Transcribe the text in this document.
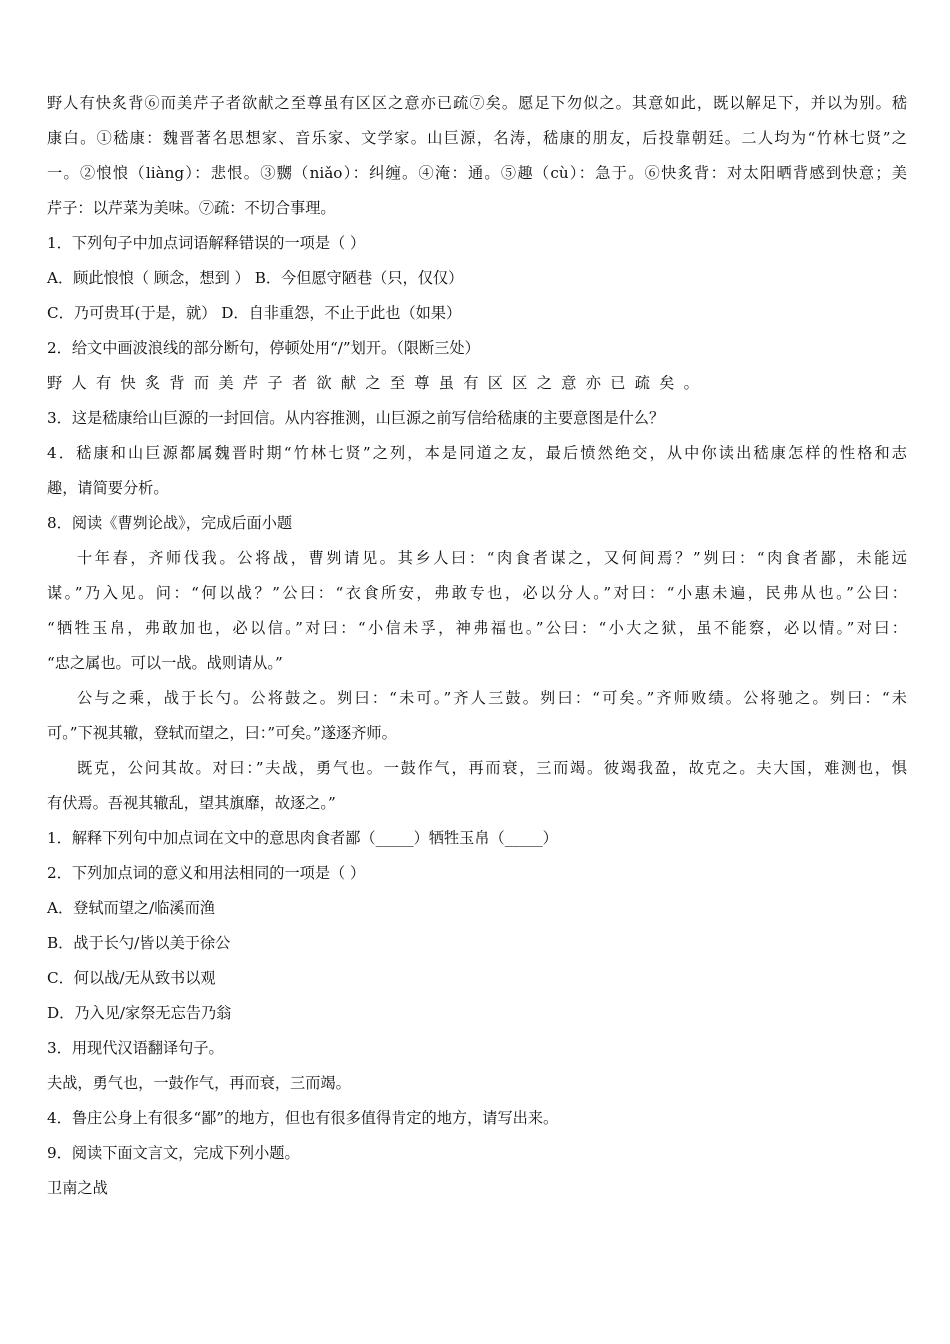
野人有快炙背⑥而美芹子者欲献之至尊虽有区区之意亦已疏⑦矣。愿足下勿似之。其意如此，既以解足下，并以为别。嵇
康白。①嵇康：魏晋著名思想家、音乐家、文学家。山巨源，名涛，嵇康的朋友，后投靠朝廷。二人均为“竹林七贤”之
一。②悢悢（liàng）：悲恨。③嬲（niǎo）：纠缠。④淹：通。⑤趣（cù）：急于。⑥快炙背：对太阳晒背感到快意；美
芹子：以芹菜为美味。⑦疏：不切合事理。
1．下列句子中加点词语解释错误的一项是（ ）
A．顾此悢悢（ 顾念，想到 ） B．今但愿守陋巷（只，仅仅）
C．乃可贵耳(于是，就） D．自非重怨，不止于此也（如果）
2．给文中画波浪线的部分断句，停顿处用“/”划开。（限断三处）
野人有快炙背而美芹子者欲献之至尊虽有区区之意亦已疏矣。
3．这是嵇康给山巨源的一封回信。从内容推测，山巨源之前写信给嵇康的主要意图是什么？
4．嵇康和山巨源都属魏晋时期“竹林七贤”之列，本是同道之友，最后愤然绝交，从中你读出嵇康怎样的性格和志
趣，请简要分析。
8．阅读《曹刿论战》，完成后面小题
十年春，齐师伐我。公将战，曹刿请见。其乡人曰：“肉食者谋之，又何间焉？”刿曰：“肉食者鄙，未能远
谋。”乃入见。问：“何以战？”公曰：“衣食所安，弗敢专也，必以分人。”对曰：“小惠未遍，民弗从也。”公曰：
“牺牲玉帛，弗敢加也，必以信。”对曰：“小信未孚，神弗福也。”公曰：“小大之狱，虽不能察，必以情。”对曰：
“忠之属也。可以一战。战则请从。”
公与之乘，战于长勺。公将鼓之。刿曰：“未可。”齐人三鼓。刿曰：“可矣。”齐师败绩。公将驰之。刿曰：“未
可。”下视其辙，登轼而望之，曰：”可矣。”遂逐齐师。
既克，公问其故。对曰：”夫战，勇气也。一鼓作气，再而衰，三而竭。彼竭我盈，故克之。夫大国，难测也，惧
有伏焉。吾视其辙乱，望其旗靡，故逐之。”
1．解释下列句中加点词在文中的意思肉食者鄙（_____）牺牲玉帛（_____）
2．下列加点词的意义和用法相同的一项是（ ）
A．登轼而望之/临溪而渔
B．战于长勺/皆以美于徐公
C．何以战/无从致书以观
D．乃入见/家祭无忘告乃翁
3．用现代汉语翻译句子。
夫战，勇气也，一鼓作气，再而衰，三而竭。
4．鲁庄公身上有很多“鄙”的地方，但也有很多值得肯定的地方，请写出来。
9．阅读下面文言文，完成下列小题。
卫南之战
